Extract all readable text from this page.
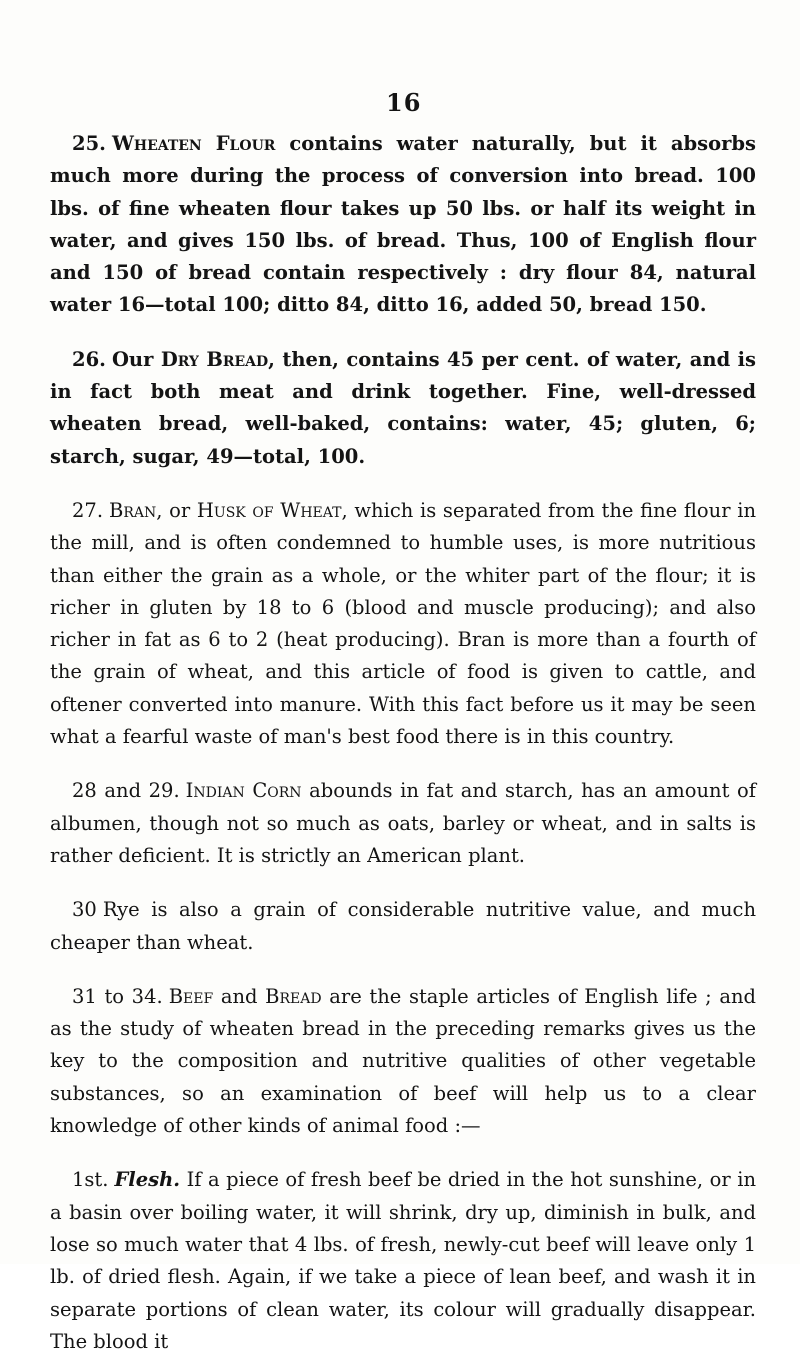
16

25. Wheaten Flour contains water naturally, but it absorbs much more during the process of conversion into bread. 100 lbs. of fine wheaten flour takes up 50 lbs. or half its weight in water, and gives 150 lbs. of bread. Thus, 100 of English flour and 150 of bread contain respectively : dry flour 84, natural water 16—total 100; ditto 84, ditto 16, added 50, bread 150.

26. Our Dry Bread, then, contains 45 per cent. of water, and is in fact both meat and drink together. Fine, well-dressed wheaten bread, well-baked, contains: water, 45; gluten, 6; starch, sugar, 49—total, 100.

27. Bran, or Husk of Wheat, which is separated from the fine flour in the mill, and is often condemned to humble uses, is more nutritious than either the grain as a whole, or the whiter part of the flour; it is richer in gluten by 18 to 6 (blood and muscle producing); and also richer in fat as 6 to 2 (heat producing). Bran is more than a fourth of the grain of wheat, and this article of food is given to cattle, and oftener converted into manure. With this fact before us it may be seen what a fearful waste of man's best food there is in this country.

28 and 29. Indian Corn abounds in fat and starch, has an amount of albumen, though not so much as oats, barley or wheat, and in salts is rather deficient. It is strictly an American plant.

30 Rye is also a grain of considerable nutritive value, and much cheaper than wheat.

31 to 34. Beef and Bread are the staple articles of English life ; and as the study of wheaten bread in the preceding remarks gives us the key to the composition and nutritive qualities of other vegetable substances, so an examination of beef will help us to a clear knowledge of other kinds of animal food :—

1st. Flesh. If a piece of fresh beef be dried in the hot sunshine, or in a basin over boiling water, it will shrink, dry up, diminish in bulk, and lose so much water that 4 lbs. of fresh, newly-cut beef will leave only 1 lb. of dried flesh. Again, if we take a piece of lean beef, and wash it in separate portions of clean water, its colour will gradually disappear. The blood it
